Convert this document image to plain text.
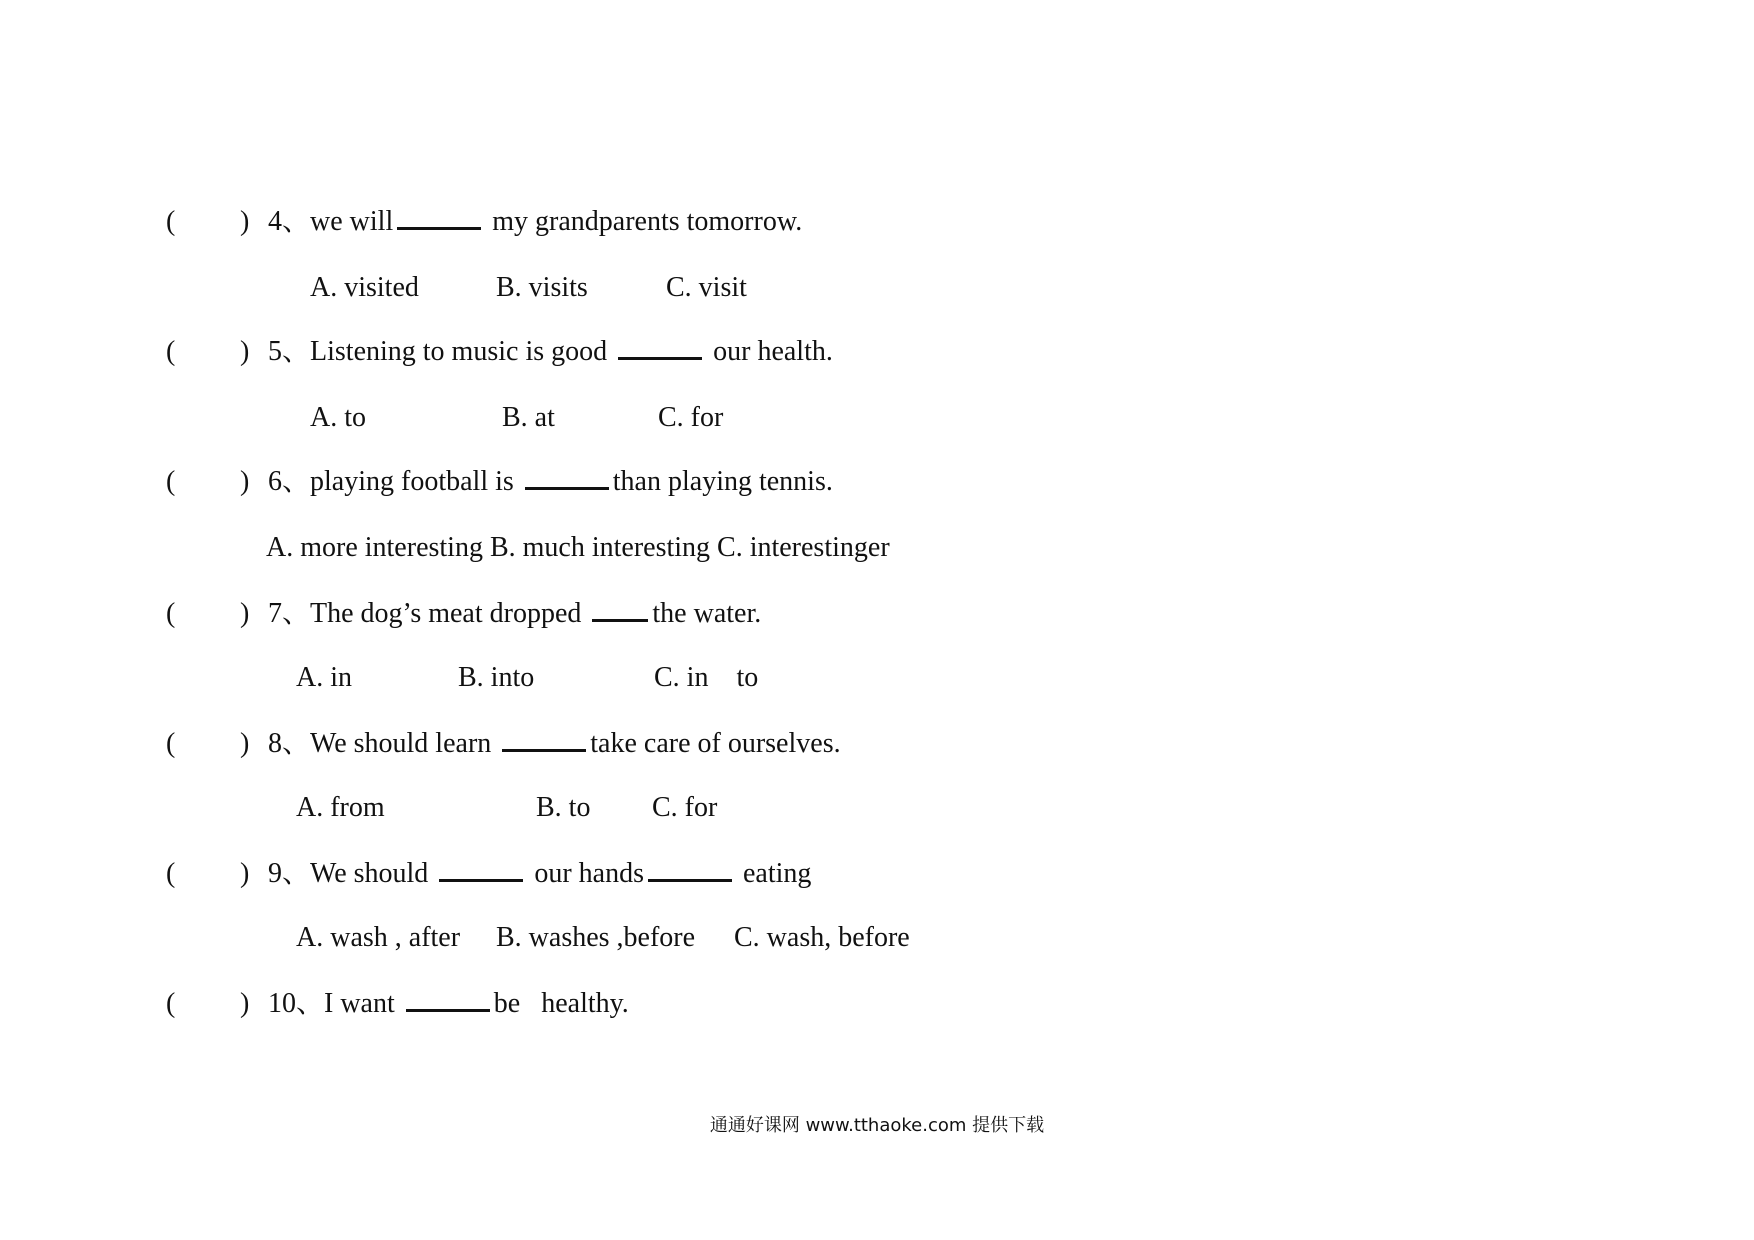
( ) 4、we will	my grandparents tomorrow.
A. visited	B. visits	C. visit
( ) 5、Listening to music is good	our health.
A. to	B. at	C. for
( ) 6、playing football is	than playing tennis.
A. more interesting B. much interesting C. interestinger
( ) 7、The dog’s meat dropped the water.
A. in	B. into	C. in    to
( ) 8、We should learn	take care of ourselves.
A. from	B. to C. for
( ) 9、We should	our hands	eating
A. wash , after B. washes ,before C. wash, before
( ) 10、I want	be   healthy.
通通好课网 www.tthaoke.com 提供下载
